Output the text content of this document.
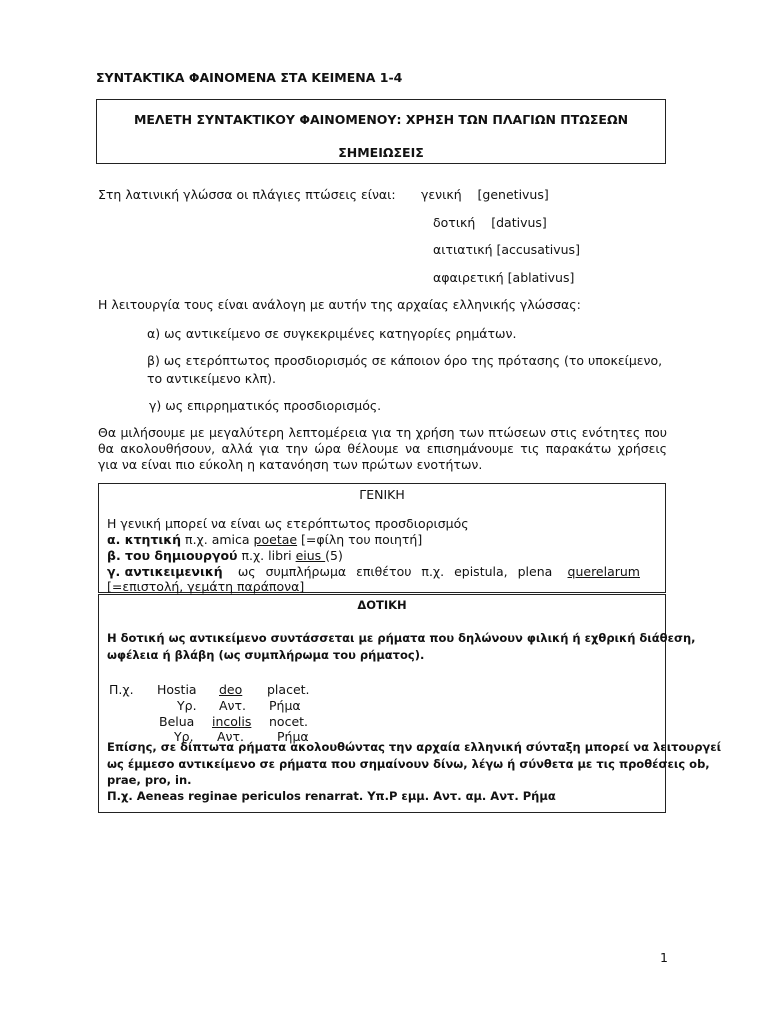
ΣΥΝΤΑΚΤΙΚΑ ΦΑΙΝΟΜΕΝΑ ΣΤΑ ΚΕΙΜΕΝΑ 1-4
ΜΕΛΕΤΗ ΣΥΝΤΑΚΤΙΚΟΥ ΦΑΙΝΟΜΕΝΟΥ: ΧΡΗΣΗ ΤΩΝ ΠΛΑΓΙΩΝ ΠΤΩΣΕΩΝ
ΣΗΜΕΙΩΣΕΙΣ
Στη λατινική γλώσσα οι πλάγιες πτώσεις είναι: γενική    [genetivus]
δοτική    [dativus]
αιτιατική [accusativus]
αφαιρετική [ablativus]
Η λειτουργία τους είναι ανάλογη με αυτήν της αρχαίας ελληνικής γλώσσας:
α) ως αντικείμενο σε συγκεκριμένες κατηγορίες ρημάτων.
β) ως ετερόπτωτος προσδιορισμός σε κάποιον όρο της πρότασης (το υποκείμενο,
το αντικείμενο κλπ).
γ) ως επιρρηματικός προσδιορισμός.
Θα μιλήσουμε με μεγαλύτερη λεπτομέρεια για τη χρήση των πτώσεων στις ενότητες που
θα ακολουθήσουν, αλλά για την ώρα θέλουμε να επισημάνουμε τις παρακάτω χρήσεις
για να είναι πιο εύκολη η κατανόηση των πρώτων ενοτήτων.
ΓΕΝΙΚΗ
Η γενική μπορεί να είναι ως ετερόπτωτος προσδιορισμός
α. κτητική π.χ. amica poetae [=φίλη του ποιητή]
β. του δημιουργού π.χ. libri eius (5)
γ. αντικειμενική ως συμπλήρωμα επιθέτου π.χ. epistula, plena querelarum
[=επιστολή, γεμάτη παράπονα]
ΔΟΤΙΚΗ
Η δοτική ως αντικείμενο συντάσσεται με ρήματα που δηλώνουν φιλική ή εχθρική διάθεση,
ωφέλεια ή βλάβη (ως συμπλήρωμα του ρήματος).
Π.χ. Hostia deo placet.
Υρ. Αντ. Ρήμα
Belua incolis nocet.
Υρ. Αντ.	Ρήμα
Επίσης, σε δίπτωτα ρήματα ακολουθώντας την αρχαία ελληνική σύνταξη μπορεί να λειτουργεί
ως έμμεσο αντικείμενο σε ρήματα που σημαίνουν δίνω, λέγω ή σύνθετα με τις προθέσεις ob,
prae, pro, in.
Π.χ. Aeneas reginae periculos renarrat. Υπ.Ρ εμμ. Αντ. αμ. Αντ. Ρήμα
1
